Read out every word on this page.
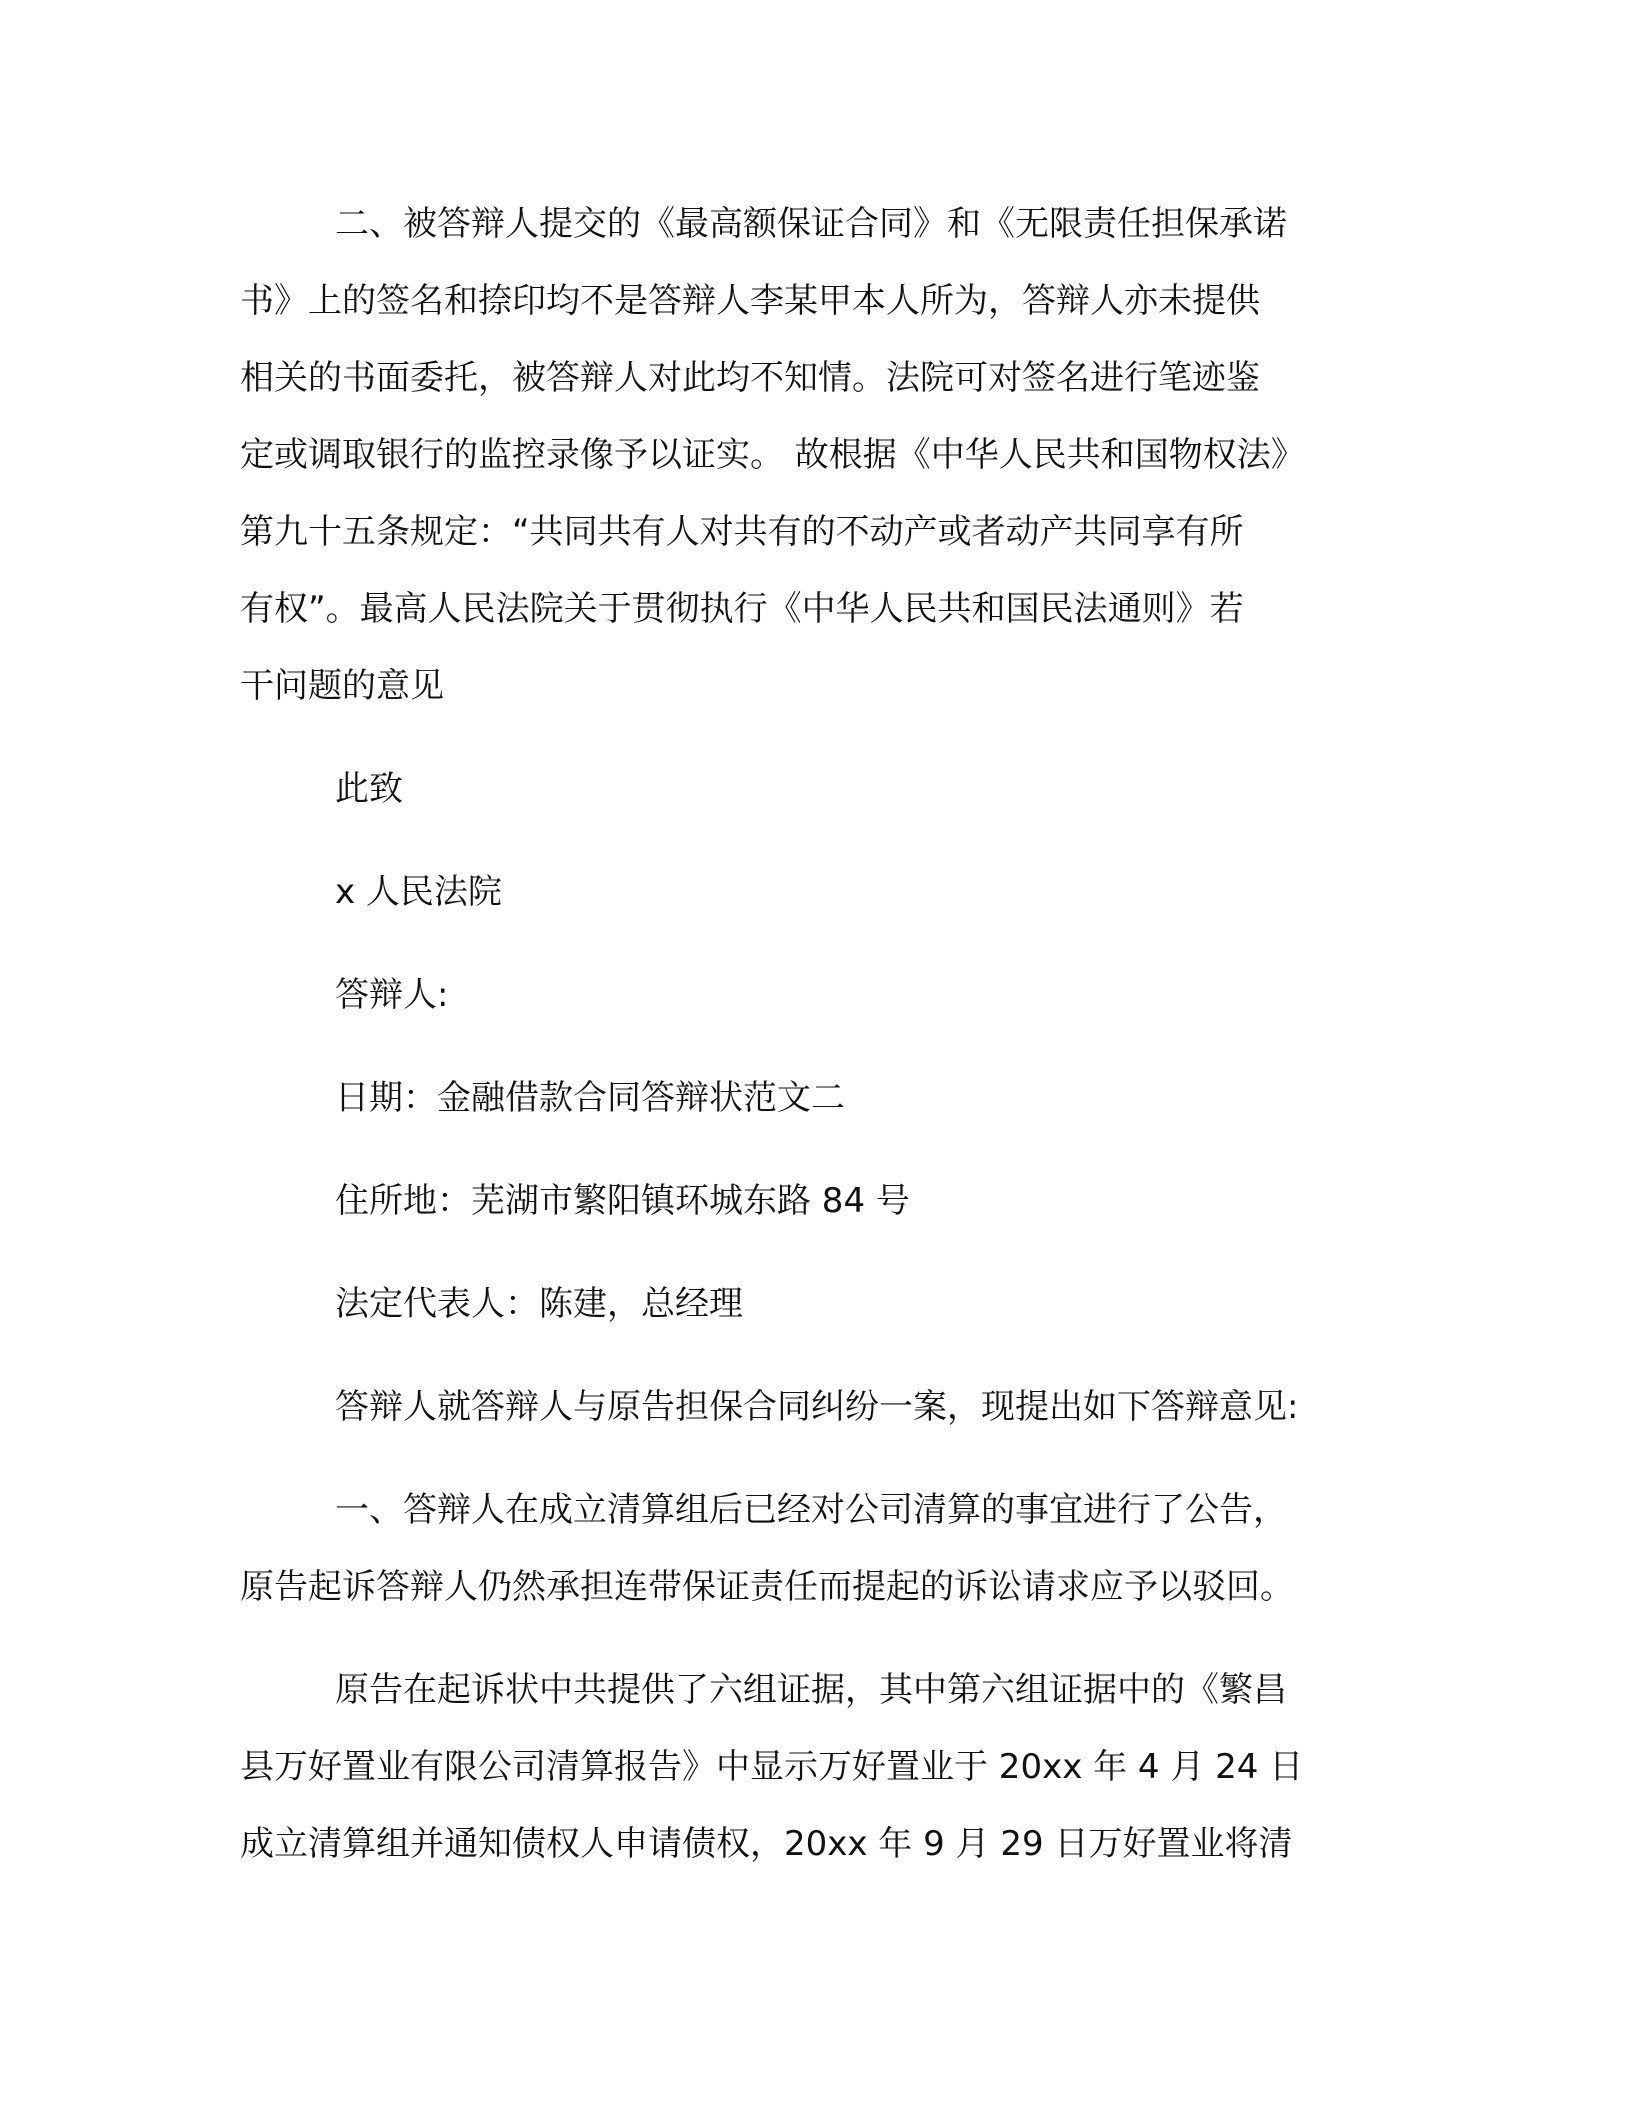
二、被答辩人提交的《最高额保证合同》和《无限责任担保承诺
书》上的签名和捺印均不是答辩人李某甲本人所为，答辩人亦未提供
相关的书面委托，被答辩人对此均不知情。法院可对签名进行笔迹鉴
定或调取银行的监控录像予以证实。 故根据《中华人民共和国物权法》
第九十五条规定：“共同共有人对共有的不动产或者动产共同享有所
有权”。最高人民法院关于贯彻执行《中华人民共和国民法通则》若
干问题的意见

此致

x 人民法院

答辩人:

日期：金融借款合同答辩状范文二

住所地：芜湖市繁阳镇环城东路 84 号

法定代表人：陈建，总经理

答辩人就答辩人与原告担保合同纠纷一案，现提出如下答辩意见:

一、答辩人在成立清算组后已经对公司清算的事宜进行了公告，
原告起诉答辩人仍然承担连带保证责任而提起的诉讼请求应予以驳回。

原告在起诉状中共提供了六组证据，其中第六组证据中的《繁昌
县万好置业有限公司清算报告》中显示万好置业于 20xx 年 4 月 24 日
成立清算组并通知债权人申请债权，20xx 年 9 月 29 日万好置业将清
